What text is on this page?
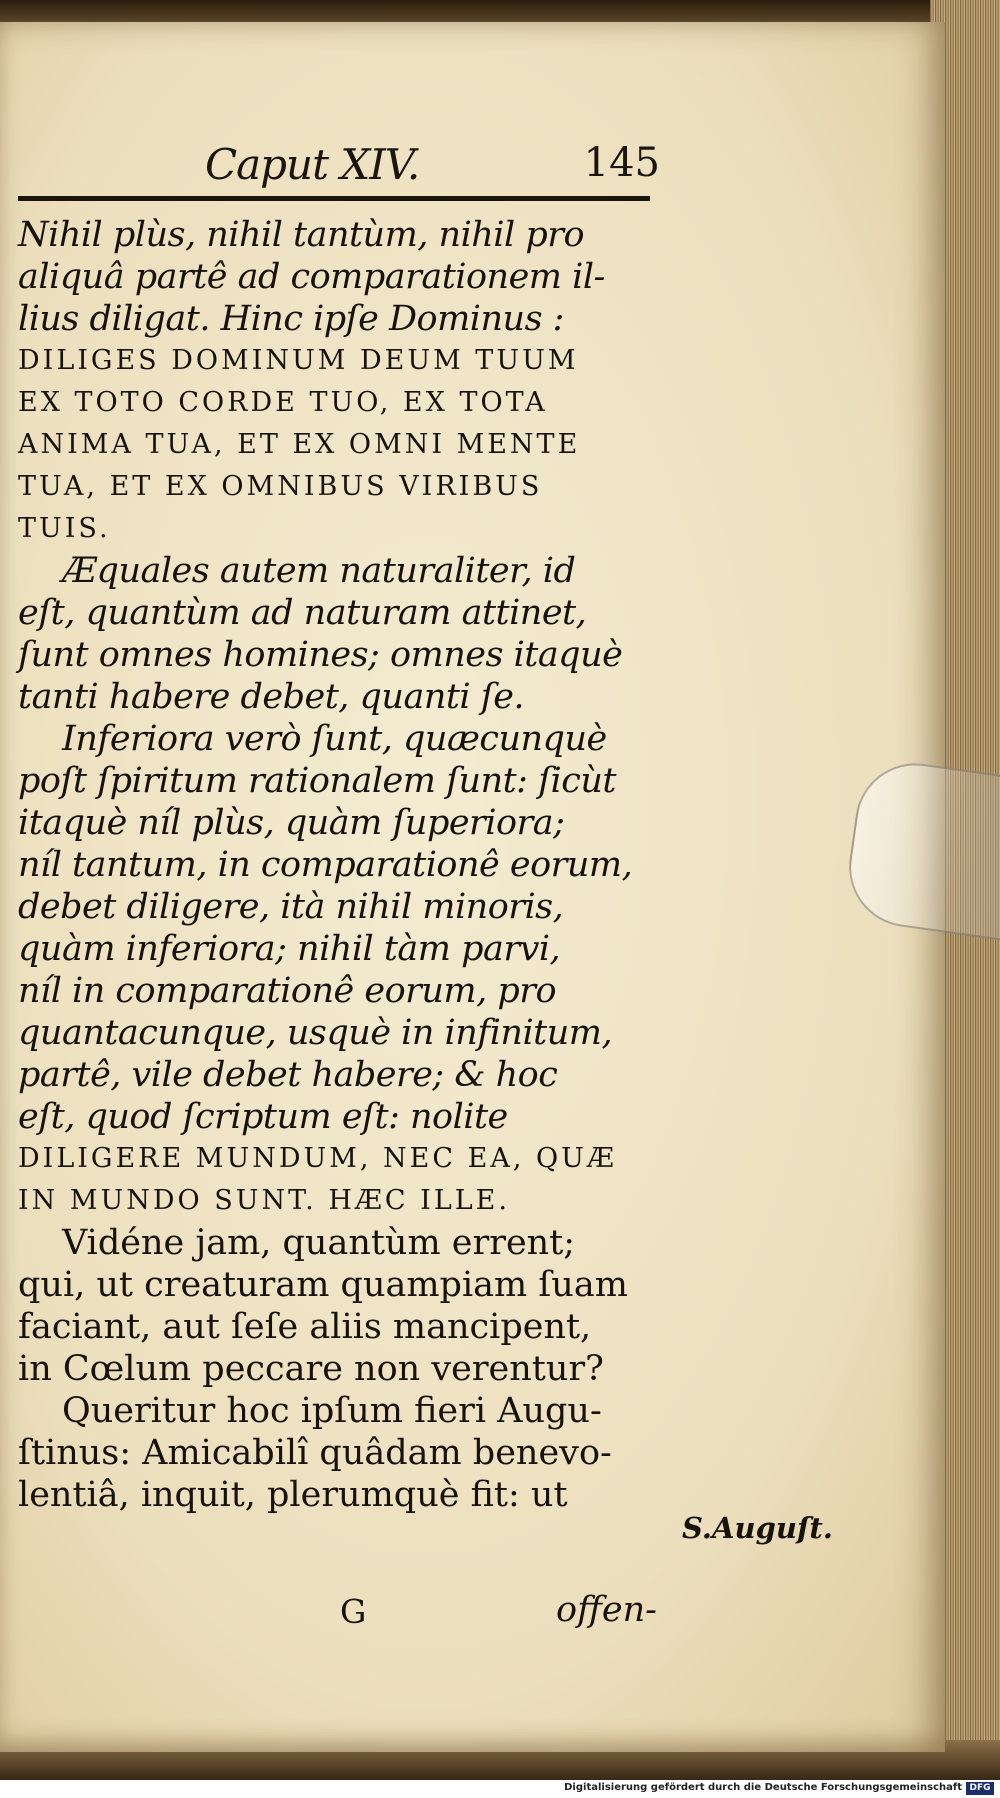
Caput XIV.	145
Nihil plùs, nihil tantùm, nihil pro
aliquâ partê ad comparationem il-
lius diligat. Hinc ipſe Dominus :
DILIGES DOMINUM DEUM TUUM
EX TOTO CORDE TUO, EX TOTA
ANIMA TUA, ET EX OMNI MENTE
TUA, ET EX OMNIBUS VIRIBUS
TUIS.
Æquales autem naturaliter, id
eſt, quantùm ad naturam attinet,
ſunt omnes homines; omnes itaquè
tanti habere debet, quanti ſe.
Inferiora verò ſunt, quæcunquè
poſt ſpiritum rationalem ſunt: ſicùt
itaquè níl plùs, quàm ſuperiora;
níl tantum, in comparationê eorum,
debet diligere, ità nihil minoris,
quàm inferiora; nihil tàm parvi,
níl in comparationê eorum, pro
quantacunque, usquè in infinitum,
partê, vile debet habere; & hoc
eſt, quod ſcriptum eſt: nolite
DILIGERE MUNDUM, NEC EA, QUÆ
IN MUNDO SUNT. HÆC ILLE.
Vidéne jam, quantùm errent;
qui, ut creaturam quampiam ſuam
faciant, aut ſeſe aliis mancipent,
in Cœlum peccare non verentur?
Queritur hoc ipſum fieri Augu-
ſtinus: Amicabilî quâdam benevo-
lentiâ, inquit, plerumquè fit: ut
S.Auguſt.
G	offen-
Digitalisierung gefördert durch die Deutsche Forschungsgemeinschaft DFG
